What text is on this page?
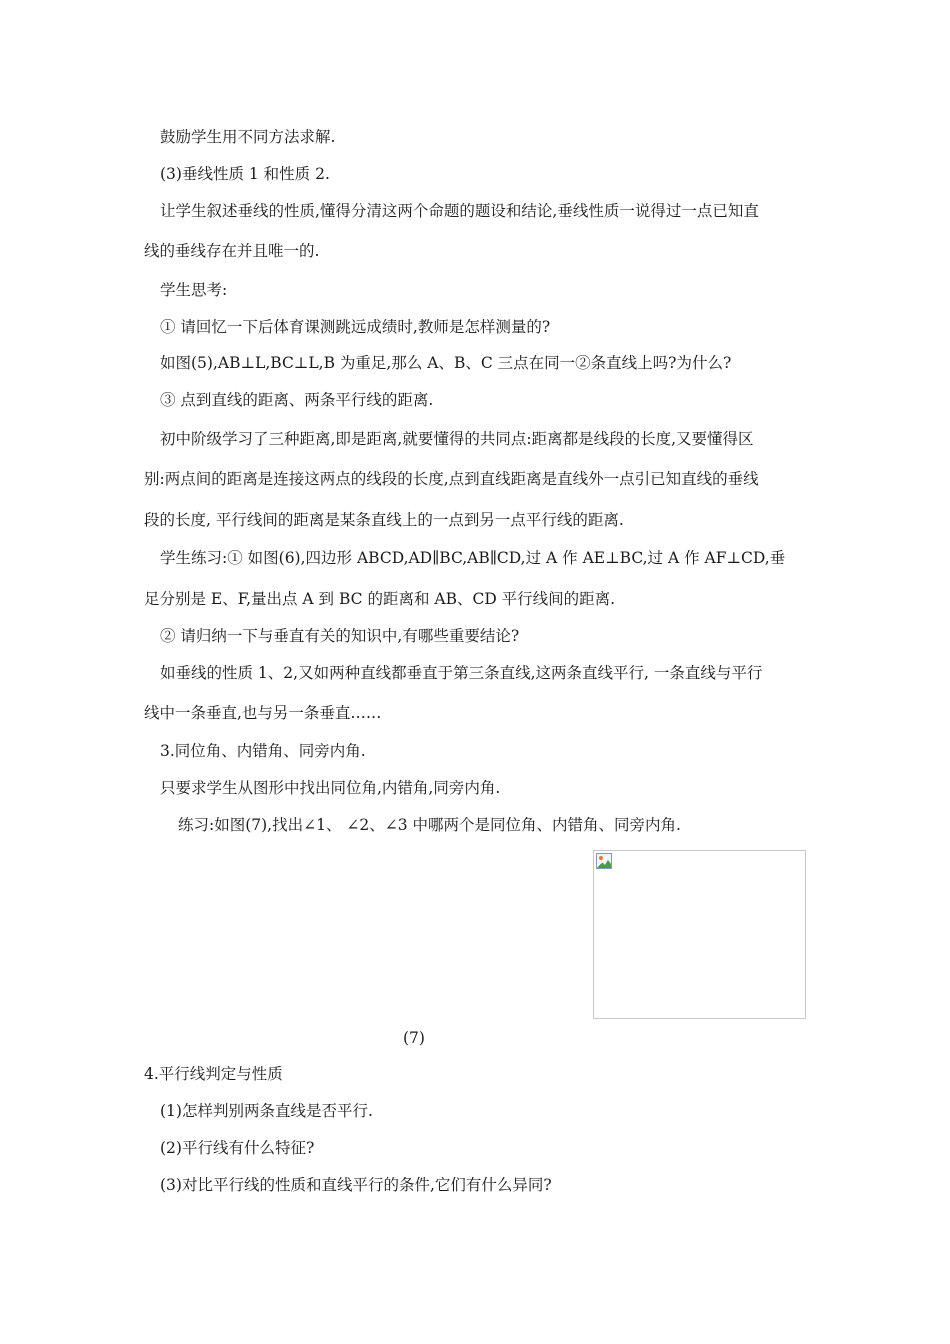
鼓励学生用不同方法求解.
(3)垂线性质 1 和性质 2.
让学生叙述垂线的性质,懂得分清这两个命题的题设和结论,垂线性质一说得过一点已知直
线的垂线存在并且唯一的.
学生思考:
① 请回忆一下后体育课测跳远成绩时,教师是怎样测量的?
如图(5),AB⊥L,BC⊥L,B 为重足,那么 A、B、C 三点在同一②条直线上吗?为什么?
③ 点到直线的距离、两条平行线的距离.
初中阶级学习了三种距离,即是距离,就要懂得的共同点:距离都是线段的长度,又要懂得区
别:两点间的距离是连接这两点的线段的长度,点到直线距离是直线外一点引已知直线的垂线
段的长度, 平行线间的距离是某条直线上的一点到另一点平行线的距离.
学生练习:① 如图(6),四边形 ABCD,AD∥BC,AB∥CD,过 A 作 AE⊥BC,过 A 作 AF⊥CD,垂
足分别是 E、F,量出点 A 到 BC 的距离和 AB、CD 平行线间的距离.
② 请归纳一下与垂直有关的知识中,有哪些重要结论?
如垂线的性质 1、2,又如两种直线都垂直于第三条直线,这两条直线平行, 一条直线与平行
线中一条垂直,也与另一条垂直……
3.同位角、内错角、同旁内角.
只要求学生从图形中找出同位角,内错角,同旁内角.
练习:如图(7),找出∠1、 ∠2、∠3 中哪两个是同位角、内错角、同旁内角.
(7)
4.平行线判定与性质
(1)怎样判别两条直线是否平行.
(2)平行线有什么特征?
(3)对比平行线的性质和直线平行的条件,它们有什么异同?
